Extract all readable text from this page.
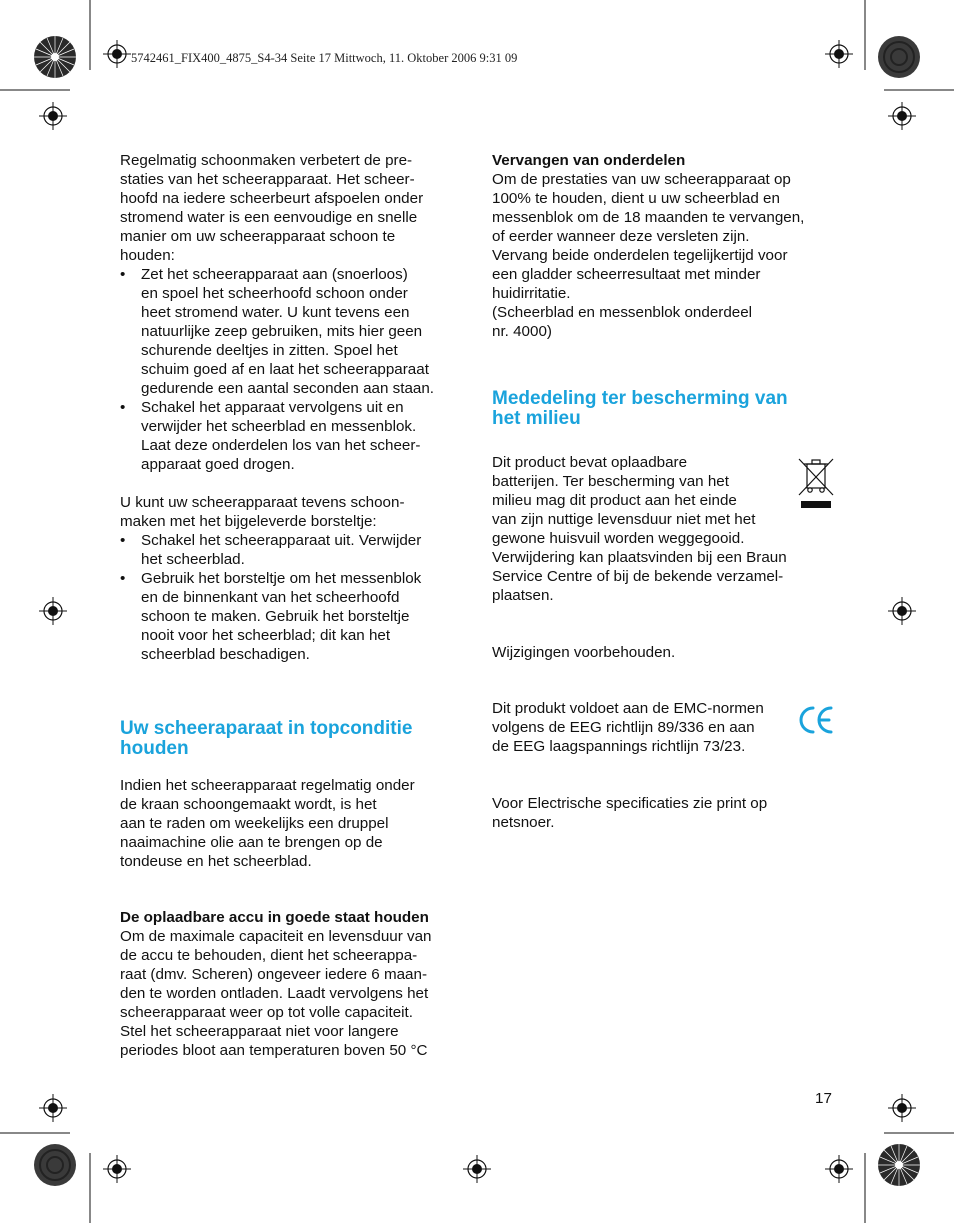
5742461_FIX400_4875_S4-34 Seite 17 Mittwoch, 11. Oktober 2006 9:31 09

Regelmatig schoonmaken verbetert de pre-
staties van het scheerapparaat. Het scheer-
hoofd na iedere scheerbeurt afspoelen onder
stromend water is een eenvoudige en snelle
manier om uw scheerapparaat schoon te
houden:

• Zet het scheerapparaat aan (snoerloos)
en spoel het scheerhoofd schoon onder
heet stromend water. U kunt tevens een
natuurlijke zeep gebruiken, mits hier geen
schurende deeltjes in zitten. Spoel het
schuim goed af en laat het scheerapparaat
gedurende een aantal seconden aan staan.
• Schakel het apparaat vervolgens uit en
verwijder het scheerblad en messenblok.
Laat deze onderdelen los van het scheer-
apparaat goed drogen.

U kunt uw scheerapparaat tevens schoon-
maken met het bijgeleverde borsteltje:

• Schakel het scheerapparaat uit. Verwijder
het scheerblad.
• Gebruik het borsteltje om het messenblok
en de binnenkant van het scheerhoofd
schoon te maken. Gebruik het borsteltje
nooit voor het scheerblad; dit kan het
scheerblad beschadigen.
Uw scheeraparaat in topconditie
houden

Indien het scheerapparaat regelmatig onder
de kraan schoongemaakt wordt, is het
aan te raden om weekelijks een druppel
naaimachine olie aan te brengen op de
tondeuse en het scheerblad.

De oplaadbare accu in goede staat houden

Om de maximale capaciteit en levensduur van
de accu te behouden, dient het scheerappa-
raat (dmv. Scheren) ongeveer iedere 6 maan-
den te worden ontladen. Laadt vervolgens het
scheerapparaat weer op tot volle capaciteit.
Stel het scheerapparaat niet voor langere
periodes bloot aan temperaturen boven 50 °C

Vervangen van onderdelen

Om de prestaties van uw scheerapparaat op
100% te houden, dient u uw scheerblad en
messenblok om de 18 maanden te vervangen,
of eerder wanneer deze versleten zijn.
Vervang beide onderdelen tegelijkertijd voor
een gladder scheerresultaat met minder
huidirritatie.
(Scheerblad en messenblok onderdeel
nr. 4000)

Mededeling ter bescherming van
het milieu

Dit product bevat oplaadbare
batterijen. Ter bescherming van het
milieu mag dit product aan het einde
van zijn nuttige levensduur niet met het
gewone huisvuil worden weggegooid.
Verwijdering kan plaatsvinden bij een Braun
Service Centre of bij de bekende verzamel-
plaatsen.

Wijzigingen voorbehouden.

Dit produkt voldoet aan de EMC-normen
volgens de EEG richtlijn 89/336 en aan
de EEG laagspannings richtlijn 73/23.

Voor Electrische specificaties zie print op
netsnoer.

17
